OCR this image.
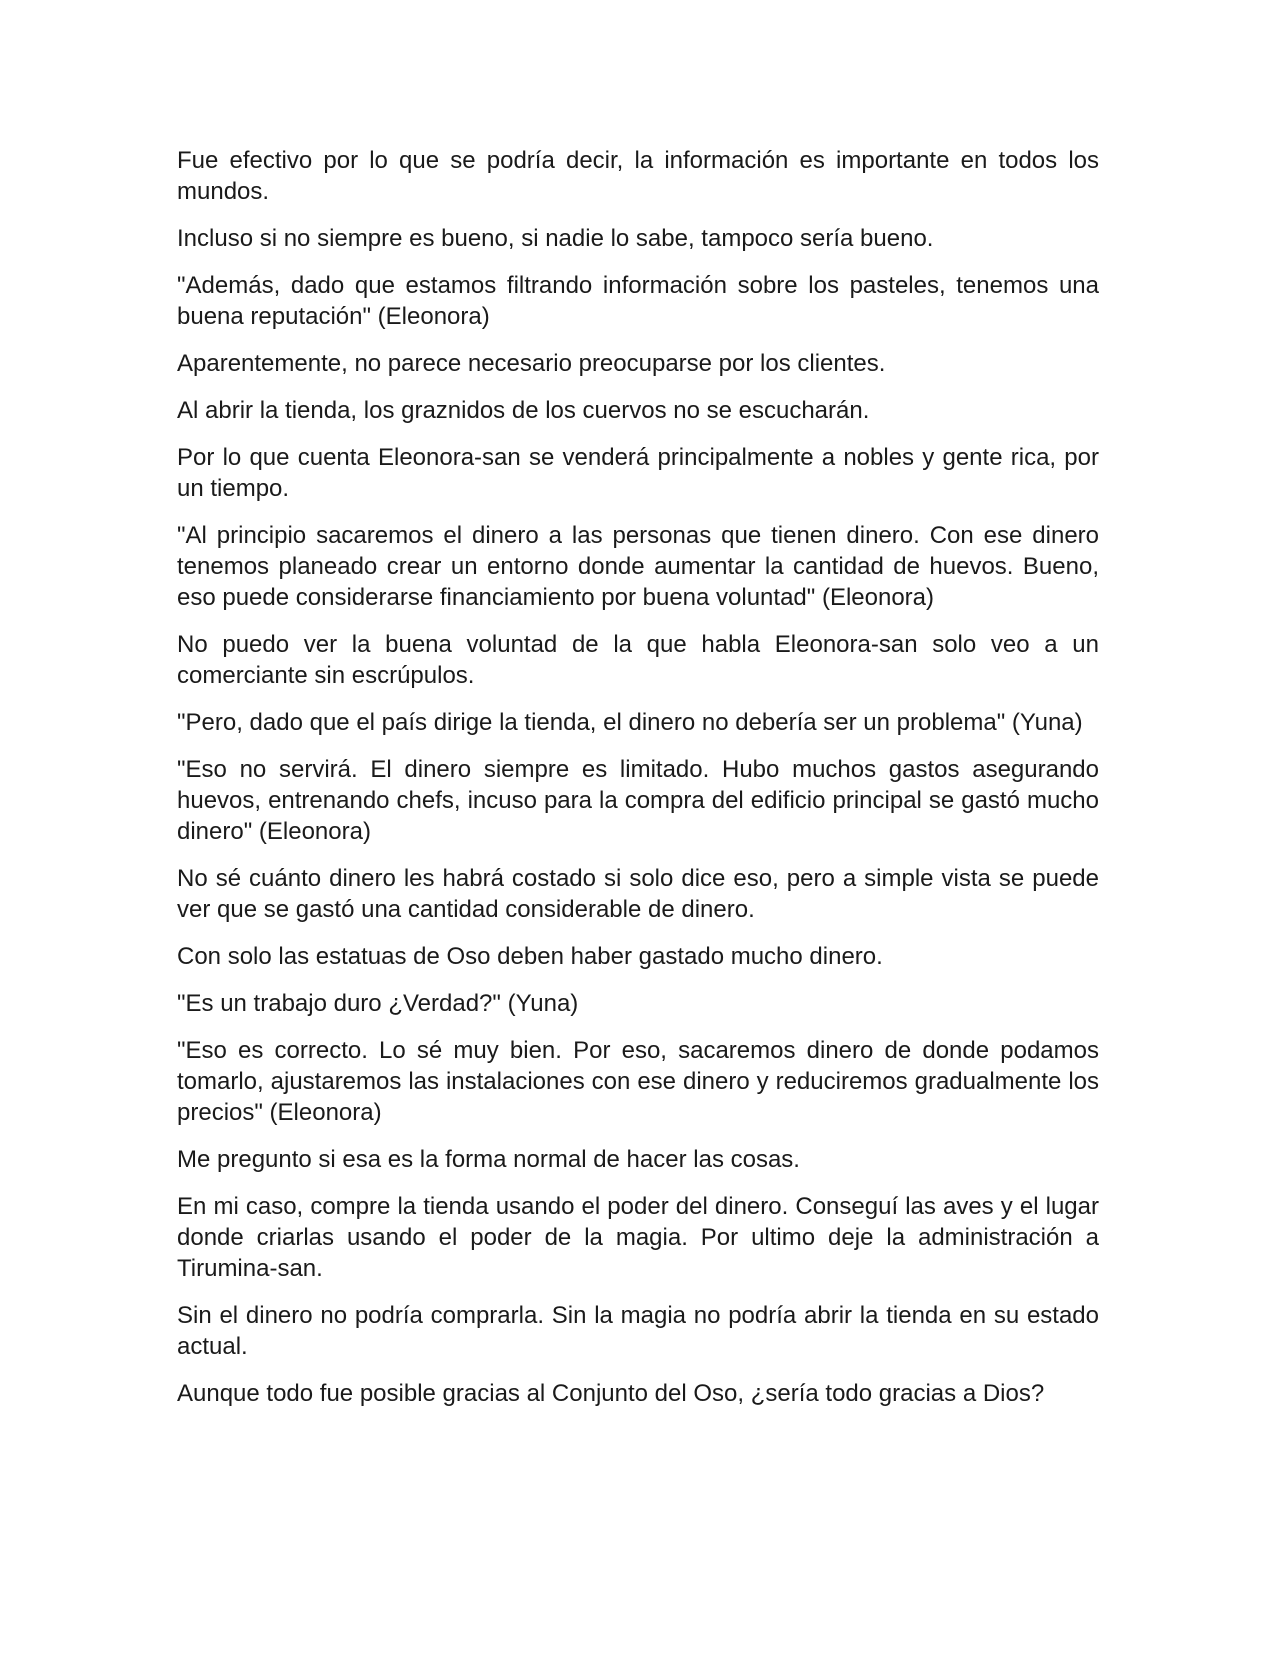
Fue efectivo por lo que se podría decir, la información es importante en todos los mundos.

Incluso si no siempre es bueno, si nadie lo sabe, tampoco sería bueno.

"Además, dado que estamos filtrando información sobre los pasteles, tenemos una buena reputación" (Eleonora)

Aparentemente, no parece necesario preocuparse por los clientes.

Al abrir la tienda, los graznidos de los cuervos no se escucharán.

Por lo que cuenta Eleonora-san se venderá principalmente a nobles y gente rica, por un tiempo.

"Al principio sacaremos el dinero a las personas que tienen dinero. Con ese dinero tenemos planeado crear un entorno donde aumentar la cantidad de huevos. Bueno, eso puede considerarse financiamiento por buena voluntad" (Eleonora)

No puedo ver la buena voluntad de la que habla Eleonora-san solo veo a un comerciante sin escrúpulos.

"Pero, dado que el país dirige la tienda, el dinero no debería ser un problema" (Yuna)

"Eso no servirá. El dinero siempre es limitado. Hubo muchos gastos asegurando huevos, entrenando chefs, incuso para la compra del edificio principal se gastó mucho dinero" (Eleonora)

No sé cuánto dinero les habrá costado si solo dice eso, pero a simple vista se puede ver que se gastó una cantidad considerable de dinero.

Con solo las estatuas de Oso deben haber gastado mucho dinero.

"Es un trabajo duro ¿Verdad?" (Yuna)

"Eso es correcto. Lo sé muy bien. Por eso, sacaremos dinero de donde podamos tomarlo, ajustaremos las instalaciones con ese dinero y reduciremos gradualmente los precios" (Eleonora)

Me pregunto si esa es la forma normal de hacer las cosas.

En mi caso, compre la tienda usando el poder del dinero. Conseguí las aves y el lugar donde criarlas usando el poder de la magia. Por ultimo deje la administración a Tirumina-san.

Sin el dinero no podría comprarla. Sin la magia no podría abrir la tienda en su estado actual.

Aunque todo fue posible gracias al Conjunto del Oso, ¿sería todo gracias a Dios?
